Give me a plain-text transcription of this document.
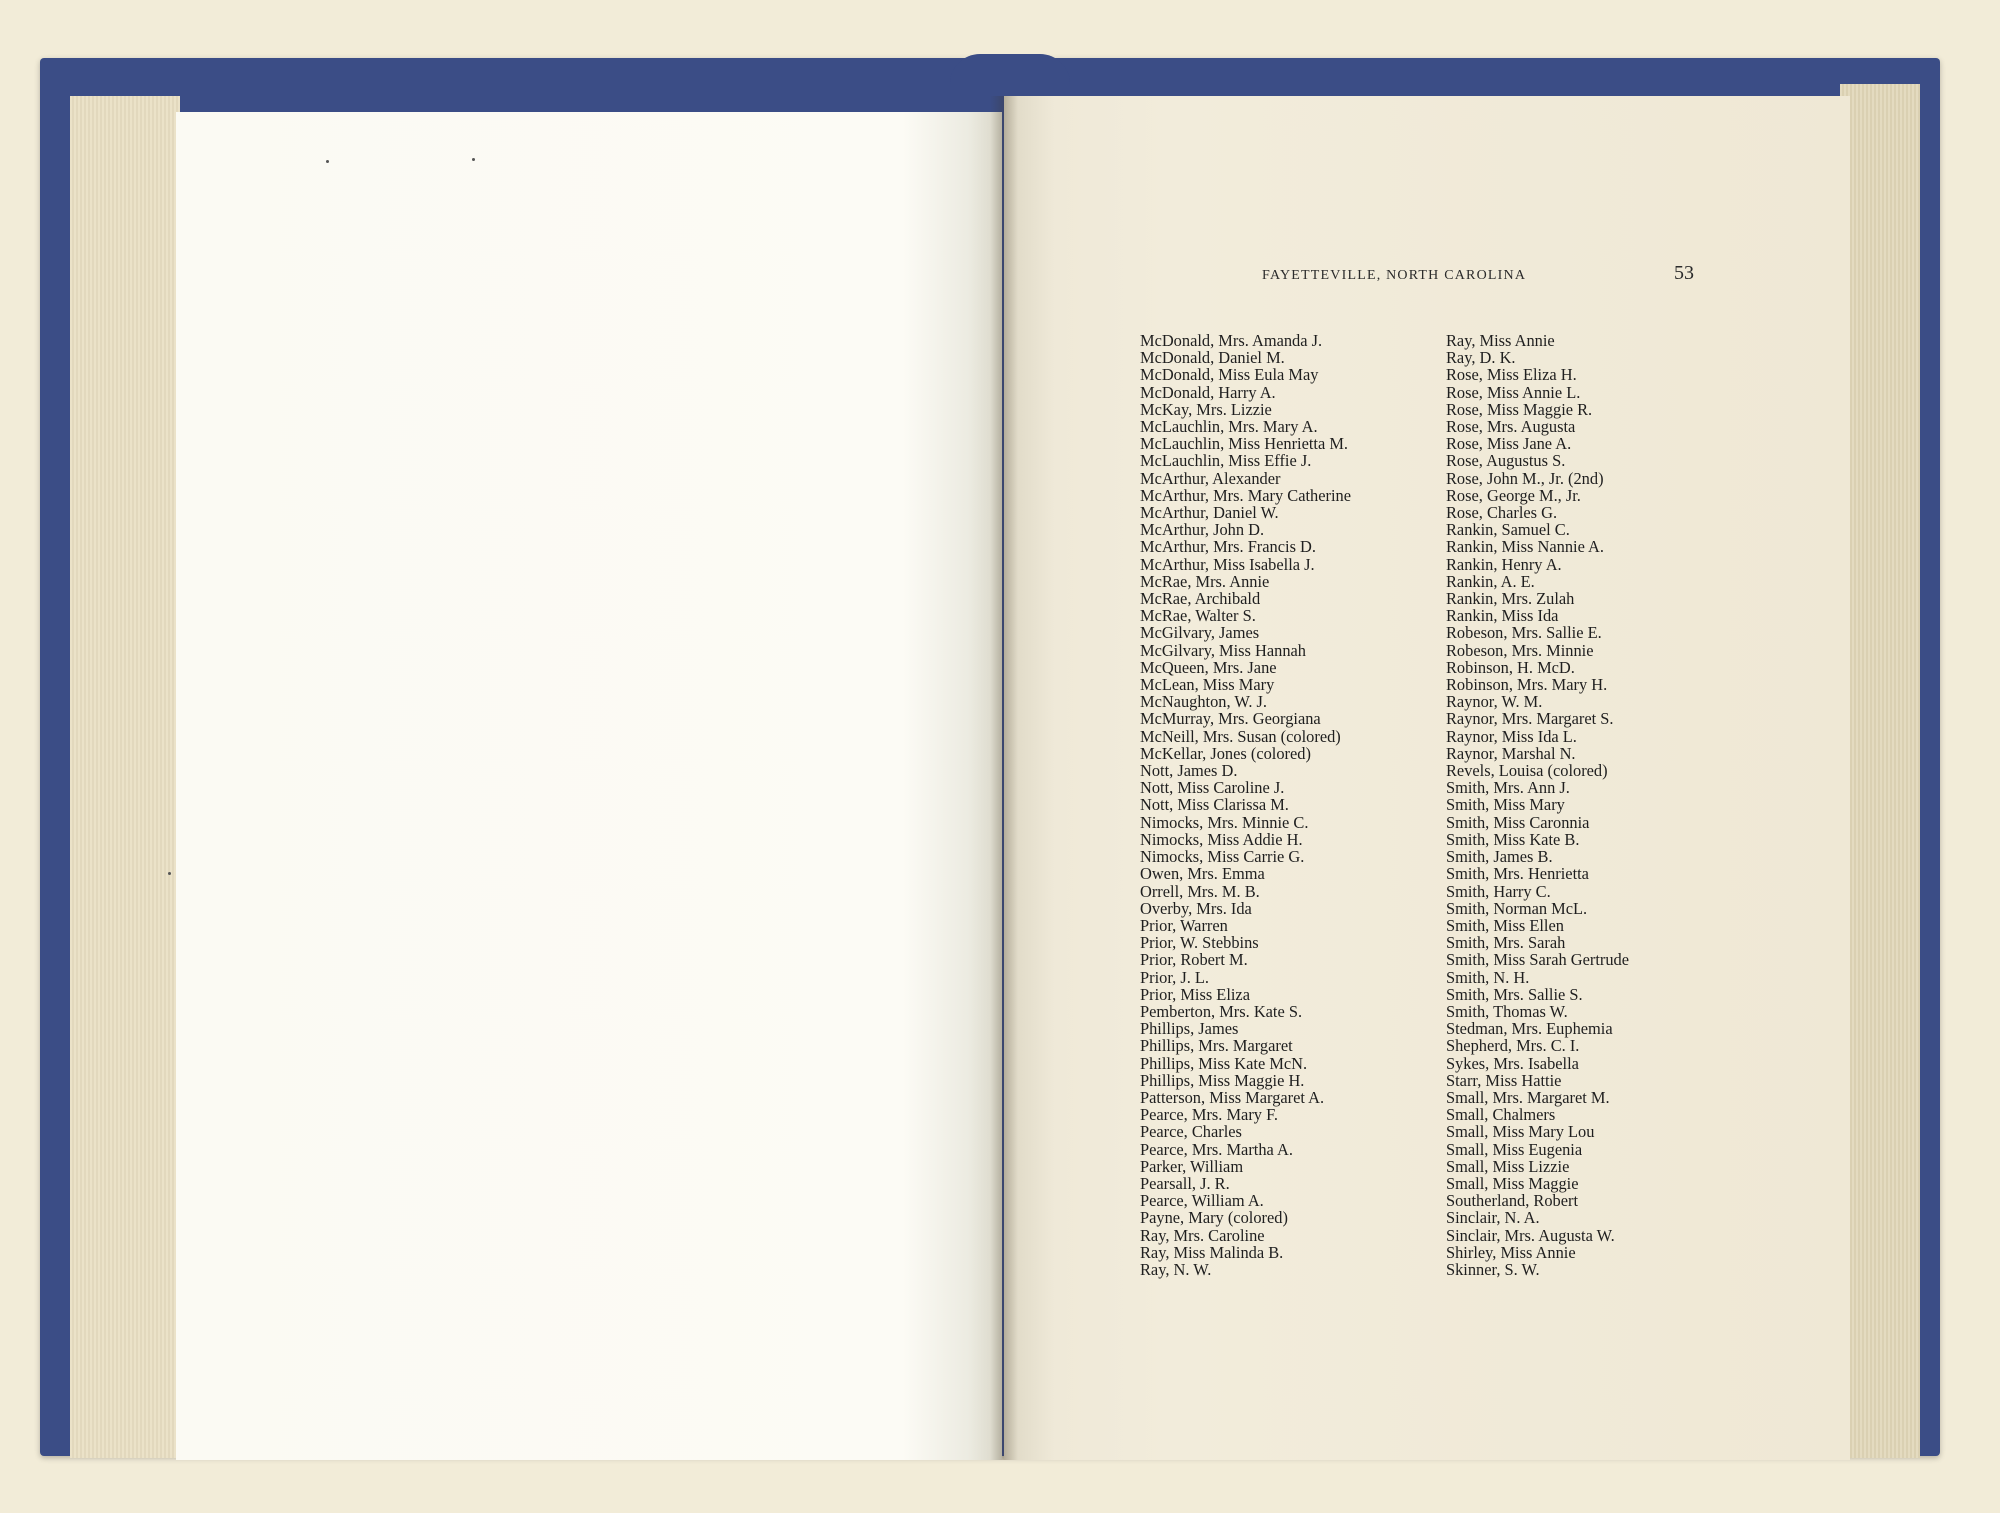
FAYETTEVILLE, NORTH CAROLINA	53
McDonald, Mrs. Amanda J.
McDonald, Daniel M.
McDonald, Miss Eula May
McDonald, Harry A.
McKay, Mrs. Lizzie
McLauchlin, Mrs. Mary A.
McLauchlin, Miss Henrietta M.
McLauchlin, Miss Effie J.
McArthur, Alexander
McArthur, Mrs. Mary Catherine
McArthur, Daniel W.
McArthur, John D.
McArthur, Mrs. Francis D.
McArthur, Miss Isabella J.
McRae, Mrs. Annie
McRae, Archibald
McRae, Walter S.
McGilvary, James
McGilvary, Miss Hannah
McQueen, Mrs. Jane
McLean, Miss Mary
McNaughton, W. J.
McMurray, Mrs. Georgiana
McNeill, Mrs. Susan (colored)
McKellar, Jones (colored)
Nott, James D.
Nott, Miss Caroline J.
Nott, Miss Clarissa M.
Nimocks, Mrs. Minnie C.
Nimocks, Miss Addie H.
Nimocks, Miss Carrie G.
Owen, Mrs. Emma
Orrell, Mrs. M. B.
Overby, Mrs. Ida
Prior, Warren
Prior, W. Stebbins
Prior, Robert M.
Prior, J. L.
Prior, Miss Eliza
Pemberton, Mrs. Kate S.
Phillips, James
Phillips, Mrs. Margaret
Phillips, Miss Kate McN.
Phillips, Miss Maggie H.
Patterson, Miss Margaret A.
Pearce, Mrs. Mary F.
Pearce, Charles
Pearce, Mrs. Martha A.
Parker, William
Pearsall, J. R.
Pearce, William A.
Payne, Mary (colored)
Ray, Mrs. Caroline
Ray, Miss Malinda B.
Ray, N. W.
Ray, Miss Annie
Ray, D. K.
Rose, Miss Eliza H.
Rose, Miss Annie L.
Rose, Miss Maggie R.
Rose, Mrs. Augusta
Rose, Miss Jane A.
Rose, Augustus S.
Rose, John M., Jr. (2nd)
Rose, George M., Jr.
Rose, Charles G.
Rankin, Samuel C.
Rankin, Miss Nannie A.
Rankin, Henry A.
Rankin, A. E.
Rankin, Mrs. Zulah
Rankin, Miss Ida
Robeson, Mrs. Sallie E.
Robeson, Mrs. Minnie
Robinson, H. McD.
Robinson, Mrs. Mary H.
Raynor, W. M.
Raynor, Mrs. Margaret S.
Raynor, Miss Ida L.
Raynor, Marshal N.
Revels, Louisa (colored)
Smith, Mrs. Ann J.
Smith, Miss Mary
Smith, Miss Caronnia
Smith, Miss Kate B.
Smith, James B.
Smith, Mrs. Henrietta
Smith, Harry C.
Smith, Norman McL.
Smith, Miss Ellen
Smith, Mrs. Sarah
Smith, Miss Sarah Gertrude
Smith, N. H.
Smith, Mrs. Sallie S.
Smith, Thomas W.
Stedman, Mrs. Euphemia
Shepherd, Mrs. C. I.
Sykes, Mrs. Isabella
Starr, Miss Hattie
Small, Mrs. Margaret M.
Small, Chalmers
Small, Miss Mary Lou
Small, Miss Eugenia
Small, Miss Lizzie
Small, Miss Maggie
Southerland, Robert
Sinclair, N. A.
Sinclair, Mrs. Augusta W.
Shirley, Miss Annie
Skinner, S. W.
